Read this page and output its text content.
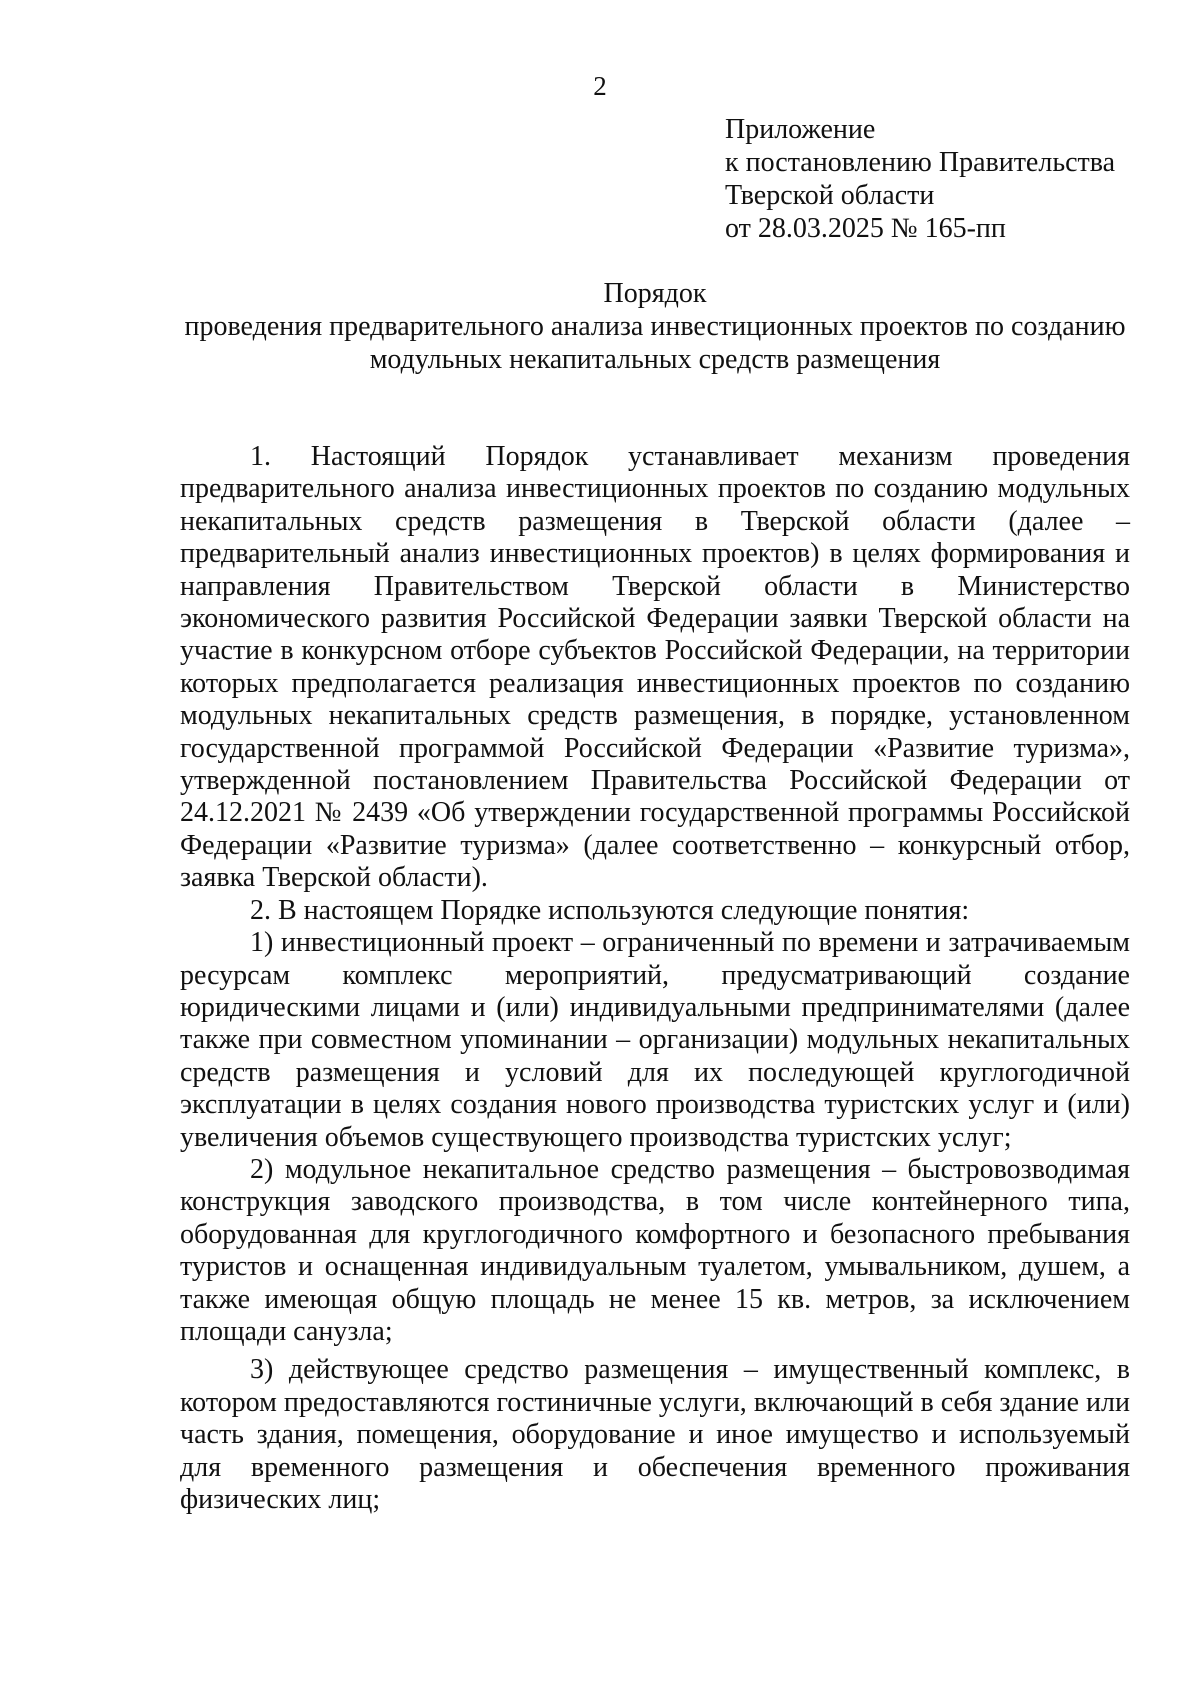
2
Приложение
к постановлению Правительства
Тверской области
от 28.03.2025 № 165-пп
Порядок
проведения предварительного анализа инвестиционных проектов по созданию модульных некапитальных средств размещения

1. Настоящий Порядок устанавливает механизм проведения предварительного анализа инвестиционных проектов по созданию модульных некапитальных средств размещения в Тверской области (далее – предварительный анализ инвестиционных проектов) в целях формирования и направления Правительством Тверской области в Министерство экономического развития Российской Федерации заявки Тверской области на участие в конкурсном отборе субъектов Российской Федерации, на территории которых предполагается реализация инвестиционных проектов по созданию модульных некапитальных средств размещения, в порядке, установленном государственной программой Российской Федерации «Развитие туризма», утвержденной постановлением Правительства Российской Федерации от 24.12.2021 № 2439 «Об утверждении государственной программы Российской Федерации «Развитие туризма» (далее соответственно – конкурсный отбор, заявка Тверской области).

2. В настоящем Порядке используются следующие понятия:

1) инвестиционный проект – ограниченный по времени и затрачиваемым ресурсам комплекс мероприятий, предусматривающий создание юридическими лицами и (или) индивидуальными предпринимателями (далее также при совместном упоминании – организации) модульных некапитальных средств размещения и условий для их последующей круглогодичной эксплуатации в целях создания нового производства туристских услуг и (или) увеличения объемов существующего производства туристских услуг;

2) модульное некапитальное средство размещения – быстровозводимая конструкция заводского производства, в том числе контейнерного типа, оборудованная для круглогодичного комфортного и безопасного пребывания туристов и оснащенная индивидуальным туалетом, умывальником, душем, а также имеющая общую площадь не менее 15 кв. метров, за исключением площади санузла;

3) действующее средство размещения – имущественный комплекс, в котором предоставляются гостиничные услуги, включающий в себя здание или часть здания, помещения, оборудование и иное имущество и используемый для временного размещения и обеспечения временного проживания физических лиц;
